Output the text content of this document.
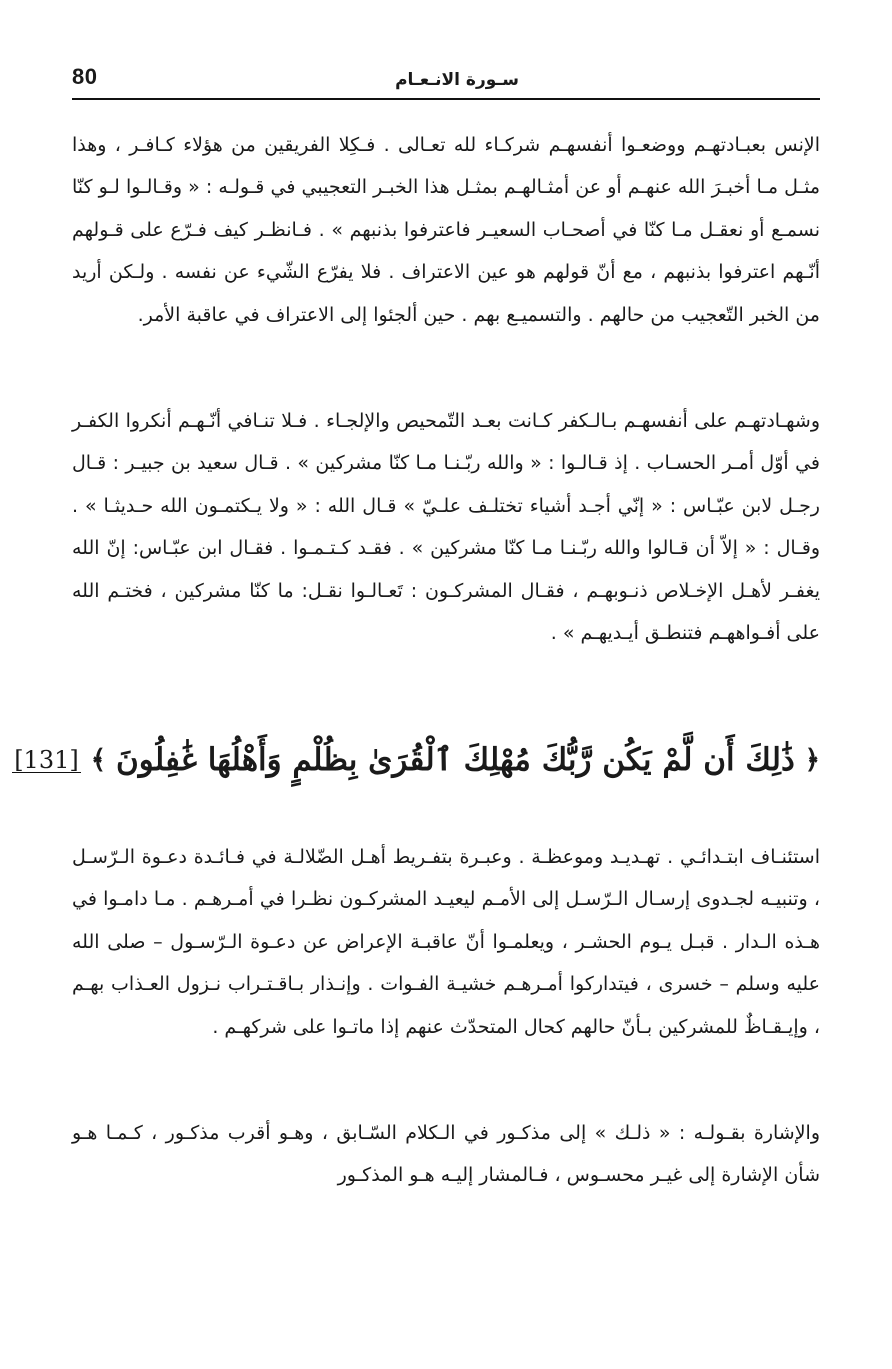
80	سـورة الانـعـام

الإنس بعبـادتهـم ووضعـوا أنفسهـم شركـاء لله تعـالى . فـكِلا الفريقين من هؤلاء كـافـر ، وهذا مثـل مـا أخبـرَ الله عنهـم أو عن أمثـالهـم بمثـل هذا الخبـر التعجيبي في قـولـه : « وقـالـوا لـو كنّا نسمـع أو نعقـل مـا كنّا في أصحـاب السعيـر فاعترفوا بذنبهم » . فـانظـر كيف فـرّع على قـولهم أنّـهم اعترفوا بذنبهم ، مع أنّ قولهم هو عين الاعتراف . فلا يفرّع الشّيء عن نفسه . ولـكن أريد من الخبر التّعجيب من حالهم . والتسميـع بهم . حين ألجئوا إلى الاعتراف في عاقبة الأمر.

وشهـادتهـم على أنفسهـم بـالـكفر كـانت بعـد التّمحيص والإلجـاء . فـلا تنـافي أنّـهـم أنكروا الكفـر في أوّل أمـر الحسـاب . إذ قـالـوا : « والله ربّـنـا مـا كنّا مشركين » . قـال سعيد بن جبيـر : قـال رجـل لابن عبّـاس : « إنّي أجـد أشياء تختلـف علـيّ » قـال الله : « ولا يـكتمـون الله حـديثـا » . وقـال : « إلاّ أن قـالوا والله ربّـنـا مـا كنّا مشركين » . فقـد كـتـمـوا . فقـال ابن عبّـاس: إنّ الله يغفـر لأهـل الإخـلاص ذنـوبهـم ، فقـال المشركـون : تَعـالـوا نقـل: ما كنّا مشركين ، فختـم الله على أفـواههـم فتنطـق أيـديهـم » .

﴿
ذَٰلِكَ أَن لَّمْ يَكُن رَّبُّكَ مُهْلِكَ ٱلْقُرَىٰ بِظُلْمٍ وَأَهْلُهَا غَٰفِلُونَ
﴾
[131]

استئنـاف ابتـدائـي . تهـديـد وموعظـة . وعبـرة بتفـريط أهـل الضّلالـة في فـائـدة دعـوة الـرّسـل ، وتنبيـه لجـدوى إرسـال الـرّسـل إلى الأمـم ليعيـد المشركـون نظـرا في أمـرهـم . مـا دامـوا في هـذه الـدار . قبـل يـوم الحشـر ، ويعلمـوا أنّ عاقبـة الإعراض عن دعـوة الـرّسـول – صلى الله عليه وسلم – خسرى ، فيتداركوا أمـرهـم خشيـة الفـوات . وإنـذار بـاقـتـراب نـزول العـذاب بهـم ، وإيـقـاظٌ للمشركين بـأنّ حالهم كحال المتحدّث عنهم إذا ماتـوا على شركهـم .

والإشارة بقـولـه : « ذلـك » إلى مذكـور في الـكلام السّـابق ، وهـو أقرب مذكـور ، كـمـا هـو شأن الإشارة إلى غيـر محسـوس ، فـالمشار إليـه هـو المذكـور
